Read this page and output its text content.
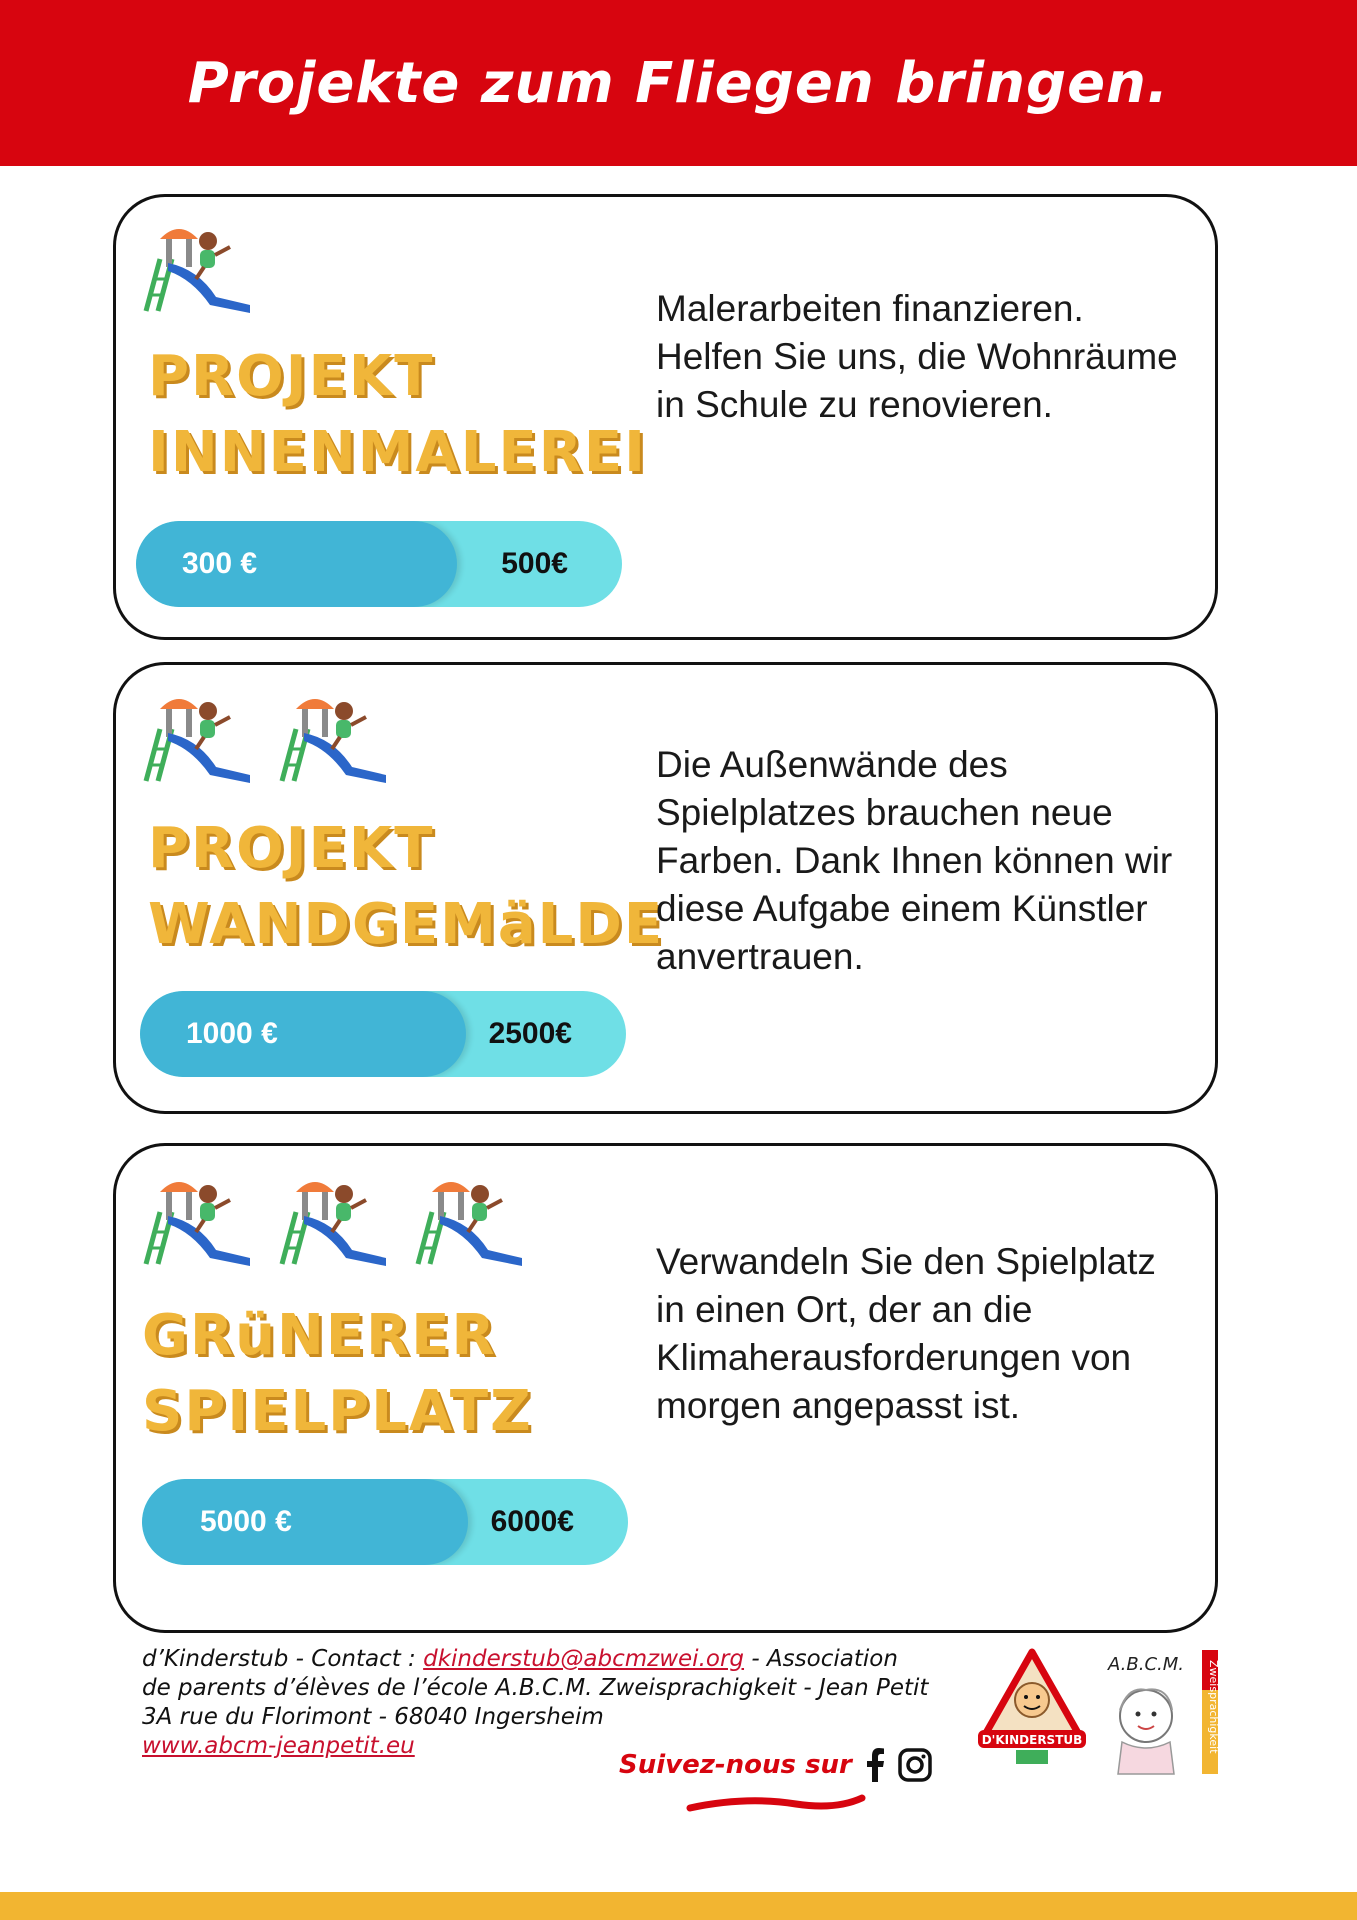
Projekte zum Fliegen bringen.
PROJEKT
INNENMALEREI

Malerarbeiten finanzieren. Helfen Sie uns, die Wohnräume in Schule zu renovieren.

300 €	500€
PROJEKT
WANDGEMäLDE

Die Außenwände des Spielplatzes brauchen neue Farben. Dank Ihnen können wir diese Aufgabe einem Künstler anvertrauen.

1000 €	2500€
GRüNERER
SPIELPLATZ

Verwandeln Sie den Spielplatz in einen Ort, der an die Klimaherausforderungen von morgen angepasst ist.

5000 €	6000€

d’Kinderstub - Contact : dkinderstub@abcmzwei.org - Association
de parents d’élèves de l’école A.B.C.M. Zweisprachigkeit - Jean Petit
3A rue du Florimont - 68040 Ingersheim
www.abcm-jeanpetit.eu

Suivez-nous sur
D'KINDERSTUB
A.B.C.M. Zweisprachigkeit
